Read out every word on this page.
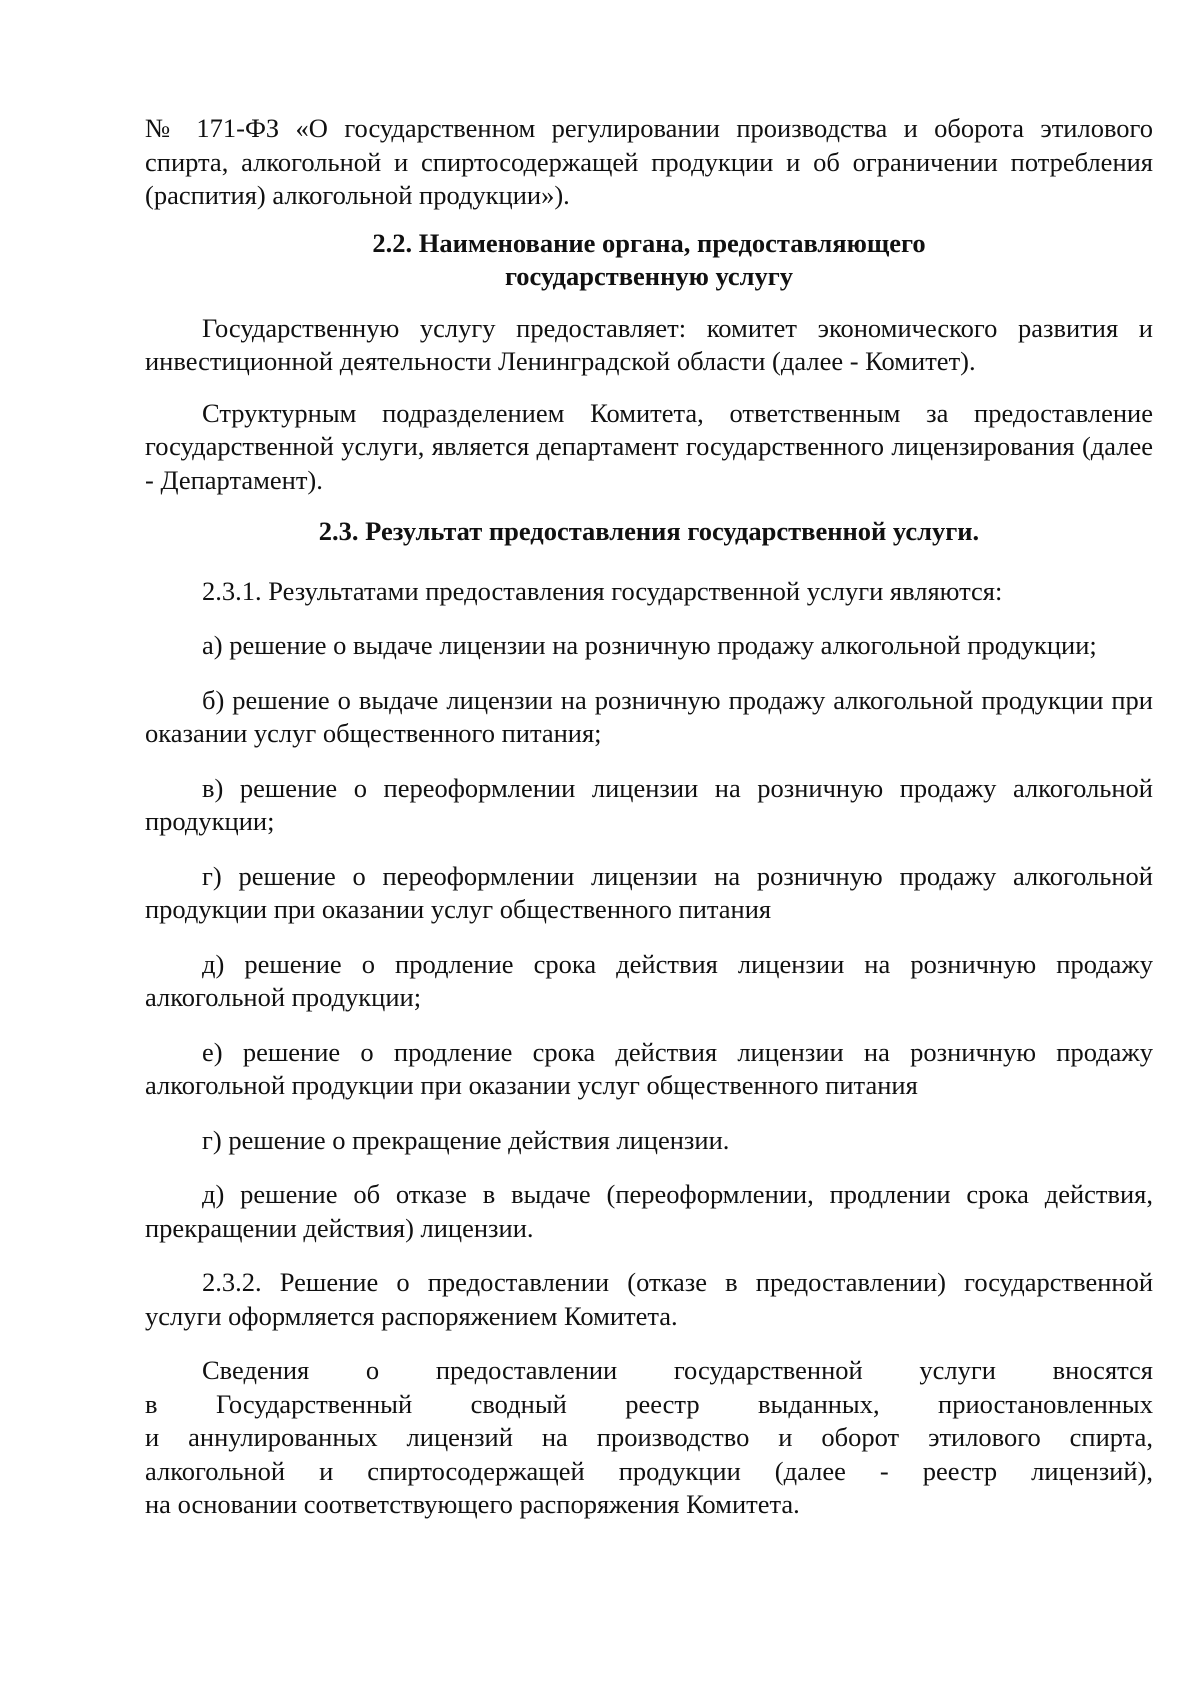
№ 171-ФЗ «О государственном регулировании производства и оборота этилового спирта, алкогольной и спиртосодержащей продукции и об ограничении потребления (распития) алкогольной продукции»).

2.2. Наименование органа, предоставляющего
государственную услугу

Государственную услугу предоставляет: комитет экономического развития и инвестиционной деятельности Ленинградской области (далее - Комитет).

Структурным подразделением Комитета, ответственным за предоставление государственной услуги, является департамент государственного лицензирования (далее - Департамент).

2.3. Результат предоставления государственной услуги.

2.3.1. Результатами предоставления государственной услуги являются:

а) решение о выдаче лицензии на розничную продажу алкогольной продукции;

б) решение о выдаче лицензии на розничную продажу алкогольной продукции при оказании услуг общественного питания;

в) решение о переоформлении лицензии на розничную продажу алкогольной продукции;

г) решение о переоформлении лицензии на розничную продажу алкогольной продукции при оказании услуг общественного питания

д) решение о продление срока действия лицензии на розничную продажу алкогольной продукции;

е) решение о продление срока действия лицензии на розничную продажу алкогольной продукции при оказании услуг общественного питания

г) решение о прекращение действия лицензии.

д) решение об отказе в выдаче (переоформлении, продлении срока действия, прекращении действия) лицензии.

2.3.2. Решение о предоставлении (отказе в предоставлении) государственной услуги оформляется распоряжением Комитета.

Сведения о предоставлении государственной услуги вносятся
в Государственный сводный реестр выданных, приостановленных
и аннулированных лицензий на производство и оборот этилового спирта,
алкогольной и спиртосодержащей продукции (далее - реестр лицензий),
на основании соответствующего распоряжения Комитета.
